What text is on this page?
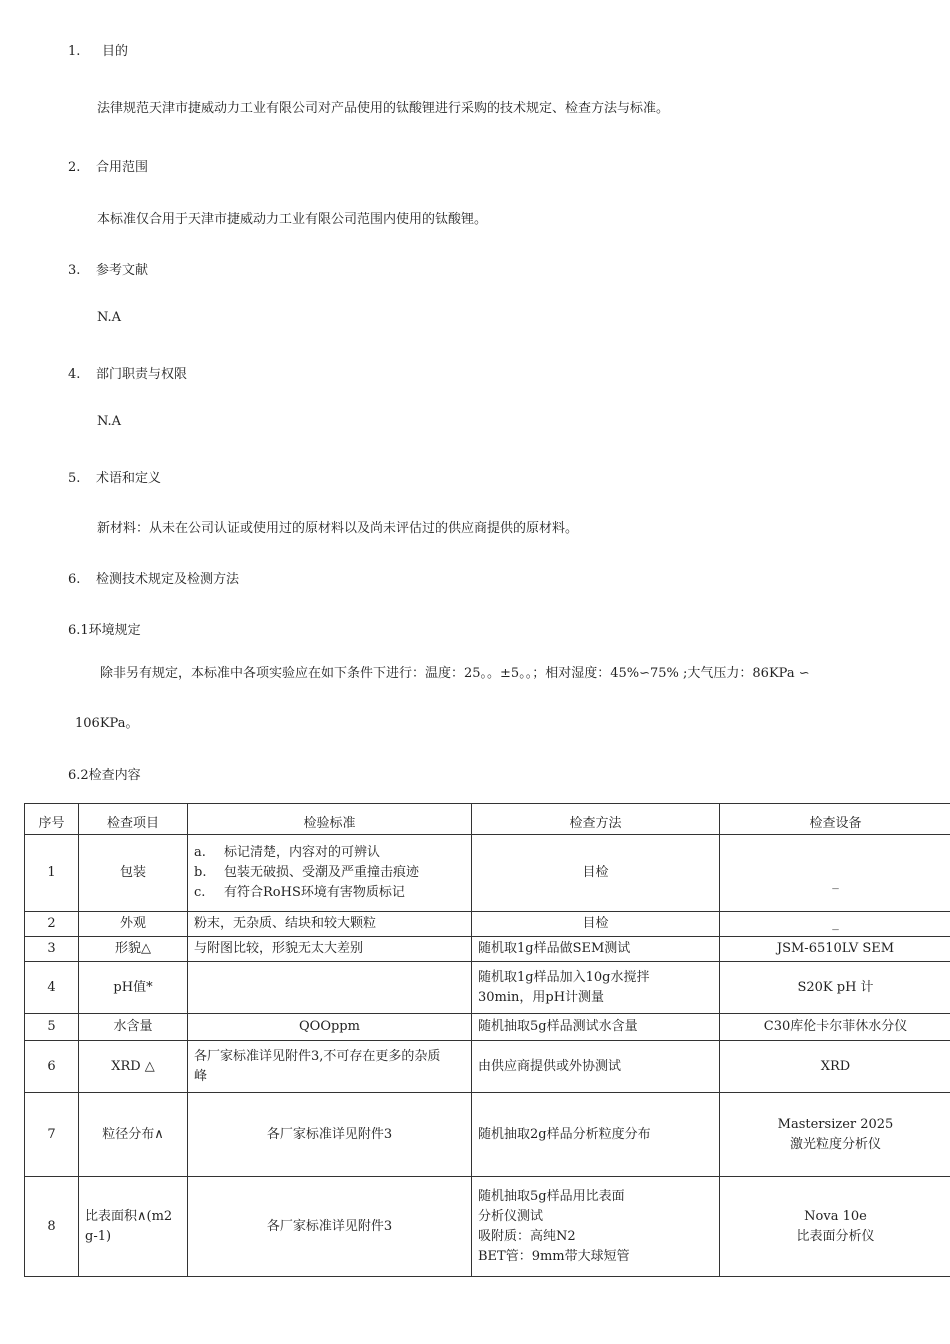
1. 目的
法律规范天津市捷威动力工业有限公司对产品使用的钛酸锂进行采购的技术规定、检查方法与标准。
2. 合用范围
本标准仅合用于天津市捷威动力工业有限公司范围内使用的钛酸锂。
3. 参考文献
N.A
4. 部门职责与权限
N.A
5. 术语和定义
新材料：从未在公司认证或使用过的原材料以及尚未评估过的供应商提供的原材料。
6. 检测技术规定及检测方法
6.1环境规定
除非另有规定，本标准中各项实验应在如下条件下进行：温度：25。。±5。。；相对湿度：45%∽75% ;大气压力：86KPa ∽
106KPa。
6.2检查内容
序号	检查项目	检验标准	检查方法	检查设备
1	包装	a. 标记清楚，内容对的可辨认
b. 包装无破损、受潮及严重撞击痕迹
c. 有符合RoHS环境有害物质标记	目检	_
2	外观	粉末，无杂质、结块和较大颗粒	目检	_
3	形貌△	与附图比较，形貌无太大差别	随机取1g样品做SEM测试	JSM-6510LV SEM
4	pH值*		随机取1g样品加入10g水搅拌
30min，用pH计测量	S20K pH 计
5	水含量	QOOppm	随机抽取5g样品测试水含量	C30库伦卡尔菲休水分仪
6	XRD △	各厂家标准详见附件3,不可存在更多的杂质
峰	由供应商提供或外协测试	XRD
7	粒径分布∧	各厂家标准详见附件3	随机抽取2g样品分析粒度分布	Mastersizer 2025
激光粒度分析仪

8	比表面积∧(m2
g-1)	各厂家标准详见附件3	随机抽取5g样品用比表面
分析仪测试
吸附质：高纯N2
BET管：9mm带大球短管	Nova 10e
比表面分析仪
